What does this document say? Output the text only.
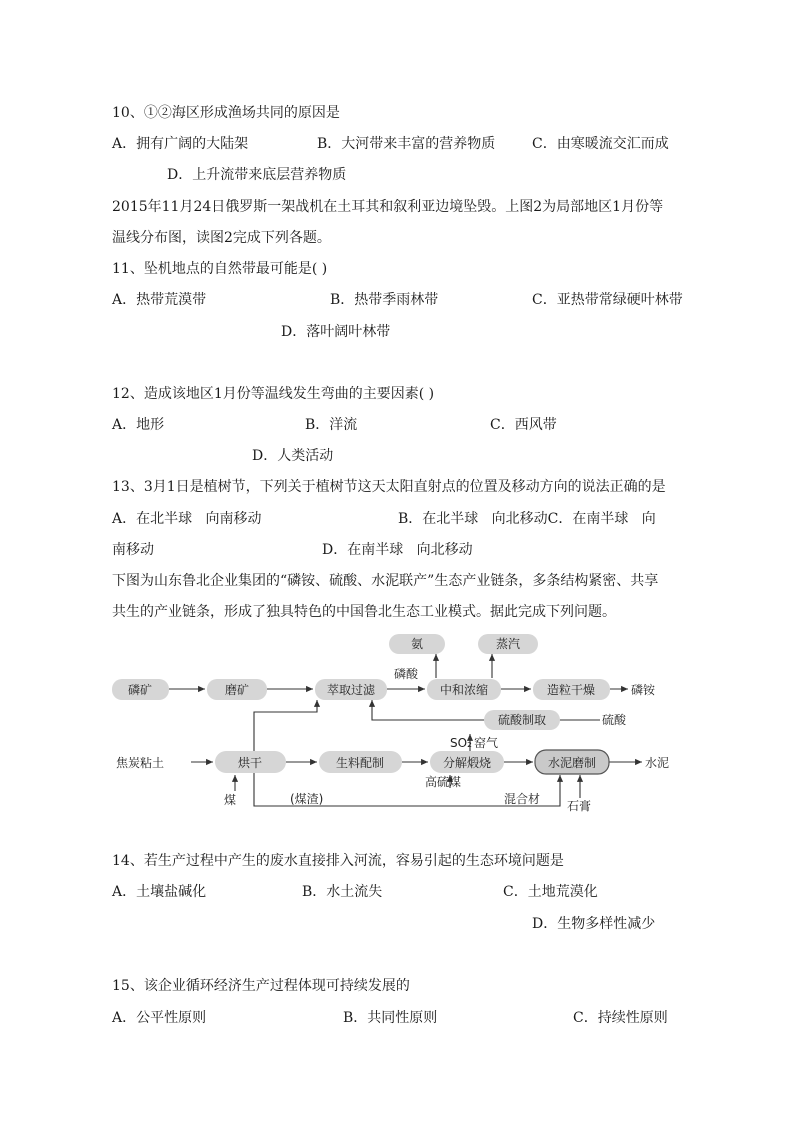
10、①②海区形成渔场共同的原因是
A．拥有广阔的大陆架	B．大河带来丰富的营养物质	C．由寒暖流交汇而成
D．上升流带来底层营养物质
2015年11月24日俄罗斯一架战机在土耳其和叙利亚边境坠毁。上图2为局部地区1月份等
温线分布图，读图2完成下列各题。
11、坠机地点的自然带最可能是( )
A．热带荒漠带	B．热带季雨林带	C．亚热带常绿硬叶林带
D．落叶阔叶林带
12、造成该地区1月份等温线发生弯曲的主要因素( )
A．地形	B．洋流	C．西风带
D．人类活动
13、3月1日是植树节，下列关于植树节这天太阳直射点的位置及移动方向的说法正确的是
A．在北半球   向南移动	B．在北半球   向北移动C．在南半球   向
南移动	D．在南半球   向北移动
下图为山东鲁北企业集团的“磷铵、硫酸、水泥联产”生态产业链条，多条结构紧密、共享
共生的产业链条，形成了独具特色的中国鲁北生态工业模式。据此完成下列问题。
氨	蒸汽
磷矿	磨矿	萃取过滤	中和浓缩	造粒干燥	磷铵
磷酸
硫酸制取	硫酸
SO₂ 窑气
焦炭粘土	烘干	生料配制	分解煅烧	水泥磨制	水泥
煤	(煤渣)
高硫煤
混合材 石膏
14、若生产过程中产生的废水直接排入河流，容易引起的生态环境问题是
A．土壤盐碱化	B．水土流失	C．土地荒漠化
D．生物多样性减少
15、该企业循环经济生产过程体现可持续发展的
A．公平性原则	B．共同性原则	C．持续性原则
